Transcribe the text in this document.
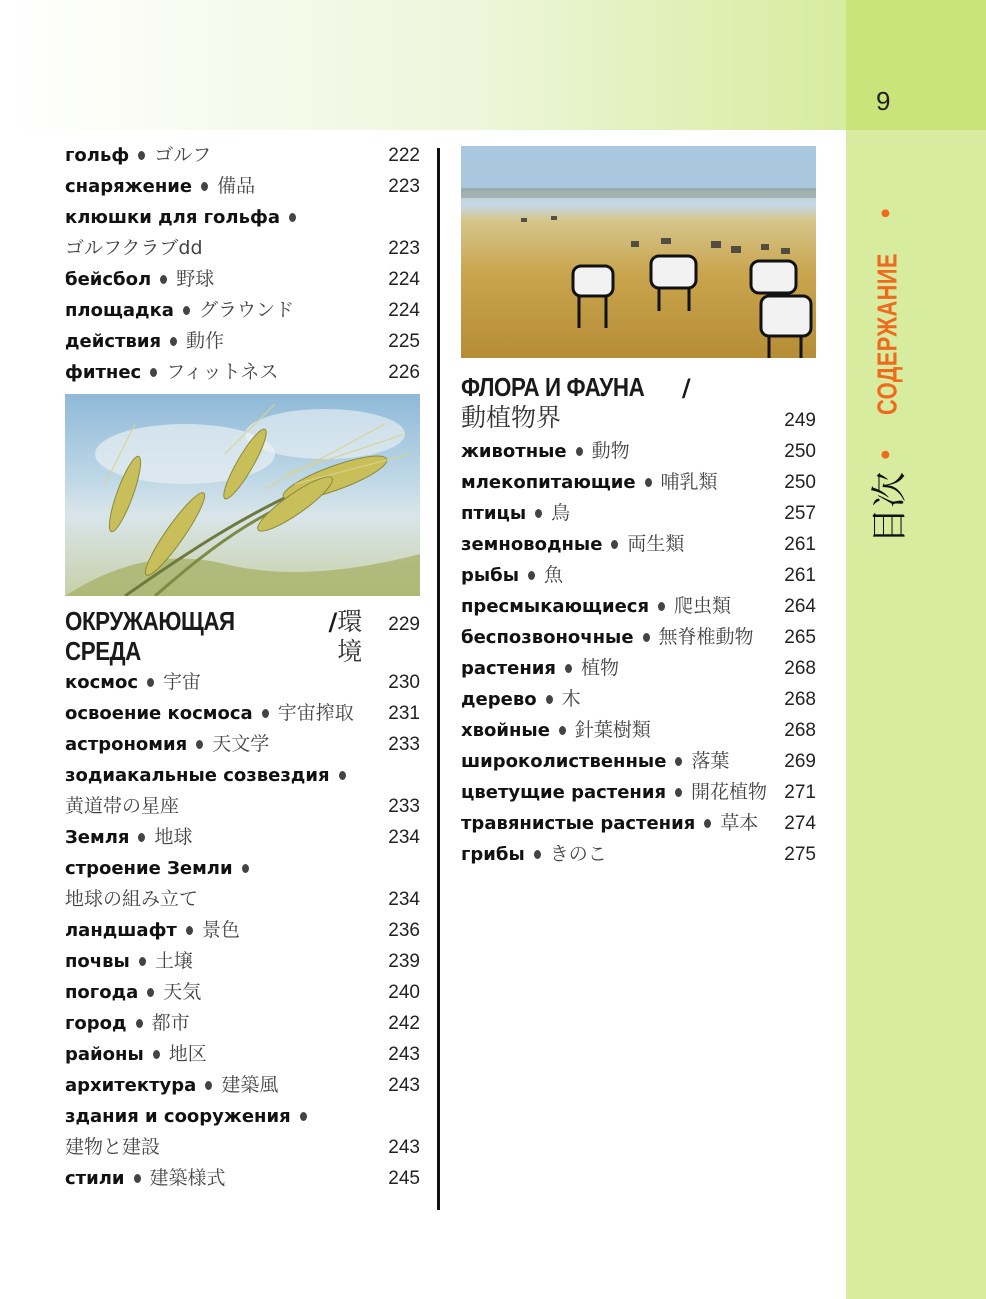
9
目次
•
СОДЕРЖАНИЕ
•
гольф ゴルフ	222
снаряжение 備品	223
клюшки для гольфа
ゴルフクラブdd	223
бейсбол 野球	224
площадка グラウンド	224
действия 動作	225
фитнес フィットネス	226
ОКРУЖАЮЩАЯ СРЕДА
/ 環境
229
космос 宇宙	230
освоение космоса 宇宙搾取	231
астрономия 天文学	233
зодиакальные созвездия
黄道帯の星座	233
Земля 地球	234
строение Земли
地球の組み立て	234
ландшафт 景色	236
почвы 土壌	239
погода 天気	240
город 都市	242
районы 地区	243
архитектура 建築風	243
здания и сооружения
建物と建設	243
стили 建築様式	245
ФЛОРА И ФАУНА /
動植物界	249
животные 動物	250
млекопитающие 哺乳類	250
птицы 鳥	257
земноводные 両生類	261
рыбы 魚	261
пресмыкающиеся 爬虫類	264
беспозвоночные 無脊椎動物	265
растения 植物	268
дерево 木	268
хвойные 針葉樹類	268
широколиственные 落葉	269
цветущие растения 開花植物 271
травянистые растения 草本	274
грибы きのこ	275
